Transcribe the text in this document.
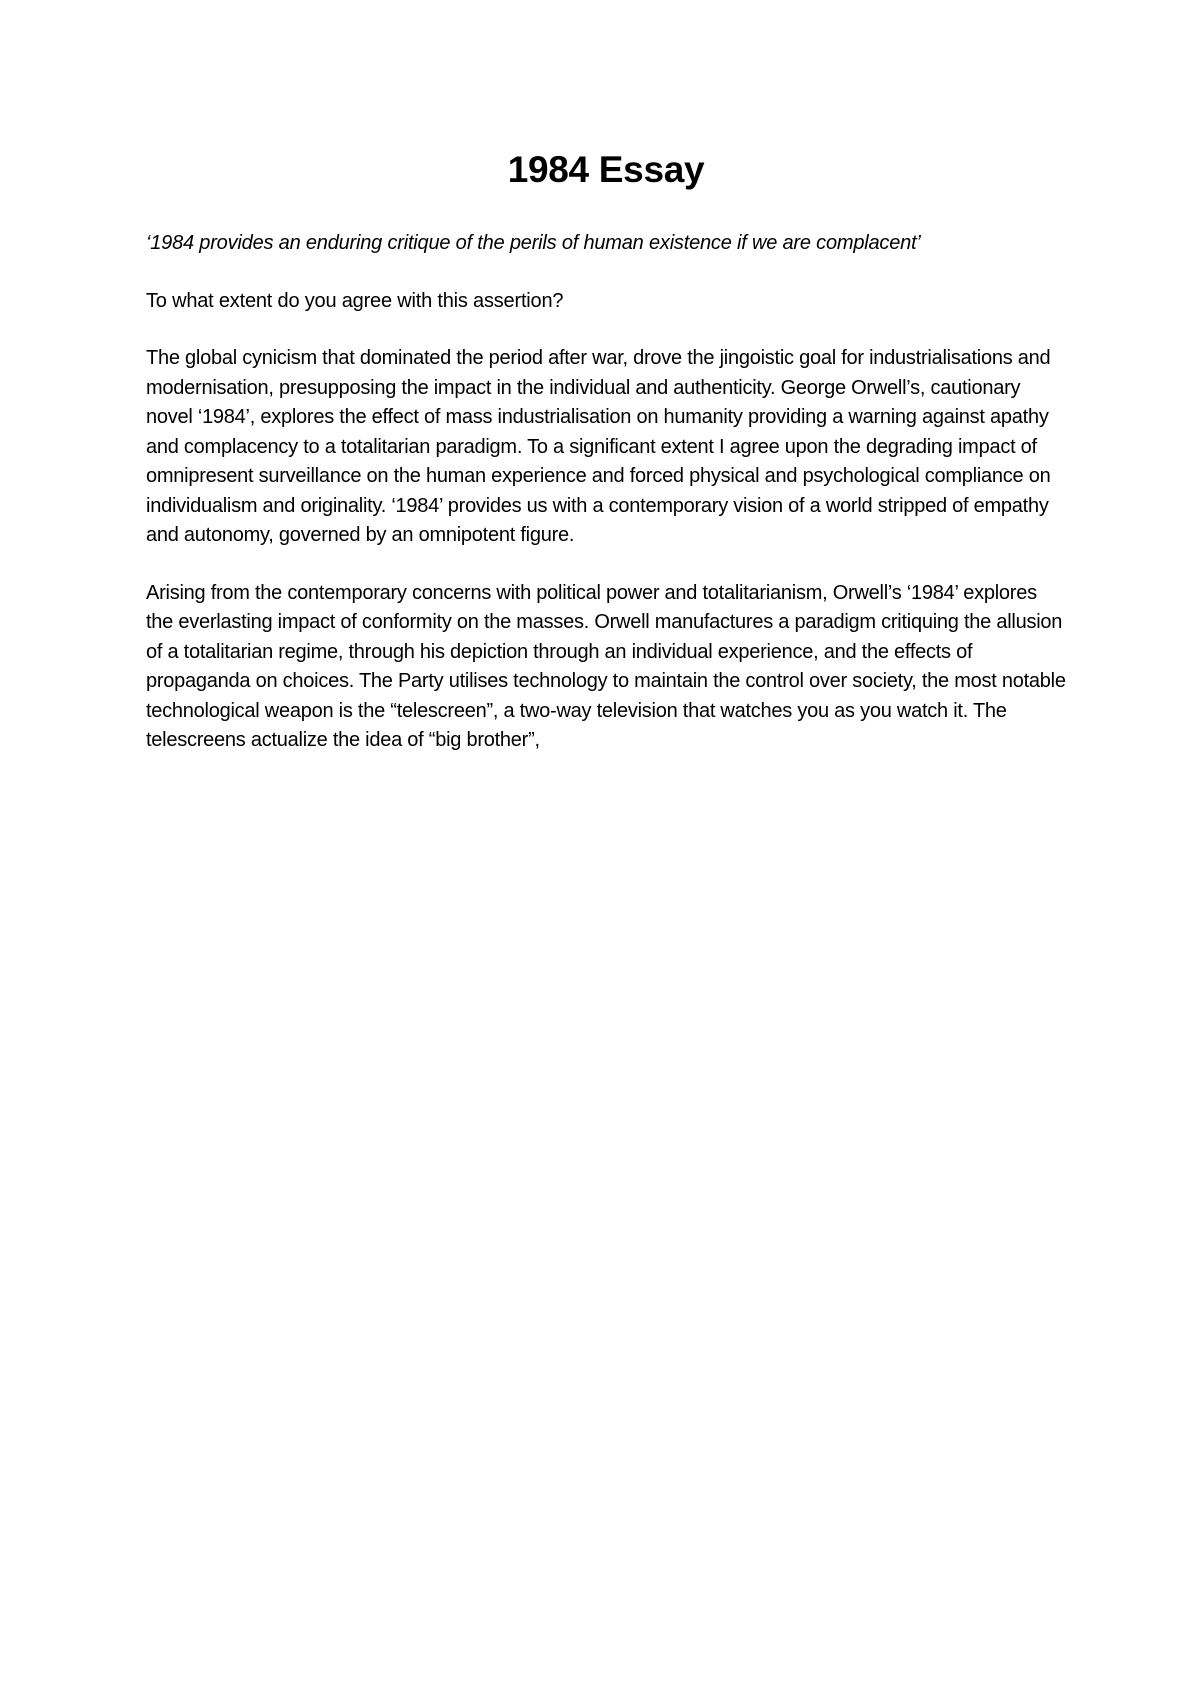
1984 Essay

‘1984 provides an enduring critique of the perils of human existence if we are complacent’

To what extent do you agree with this assertion?

The global cynicism that dominated the period after war, drove the jingoistic goal for industrialisations and modernisation, presupposing the impact in the individual and authenticity. George Orwell’s, cautionary novel ‘1984’, explores the effect of mass industrialisation on humanity providing a warning against apathy and complacency to a totalitarian paradigm. To a significant extent I agree upon the degrading impact of omnipresent surveillance on the human experience and forced physical and psychological compliance on individualism and originality. ‘1984’ provides us with a contemporary vision of a world stripped of empathy and autonomy, governed by an omnipotent figure.

Arising from the contemporary concerns with political power and totalitarianism, Orwell’s ‘1984’ explores the everlasting impact of conformity on the masses. Orwell manufactures a paradigm critiquing the allusion of a totalitarian regime, through his depiction through an individual experience, and the effects of propaganda on choices. The Party utilises technology to maintain the control over society, the most notable technological weapon is the “telescreen”, a two-way television that watches you as you watch it. The telescreens actualize the idea of “big brother”,
